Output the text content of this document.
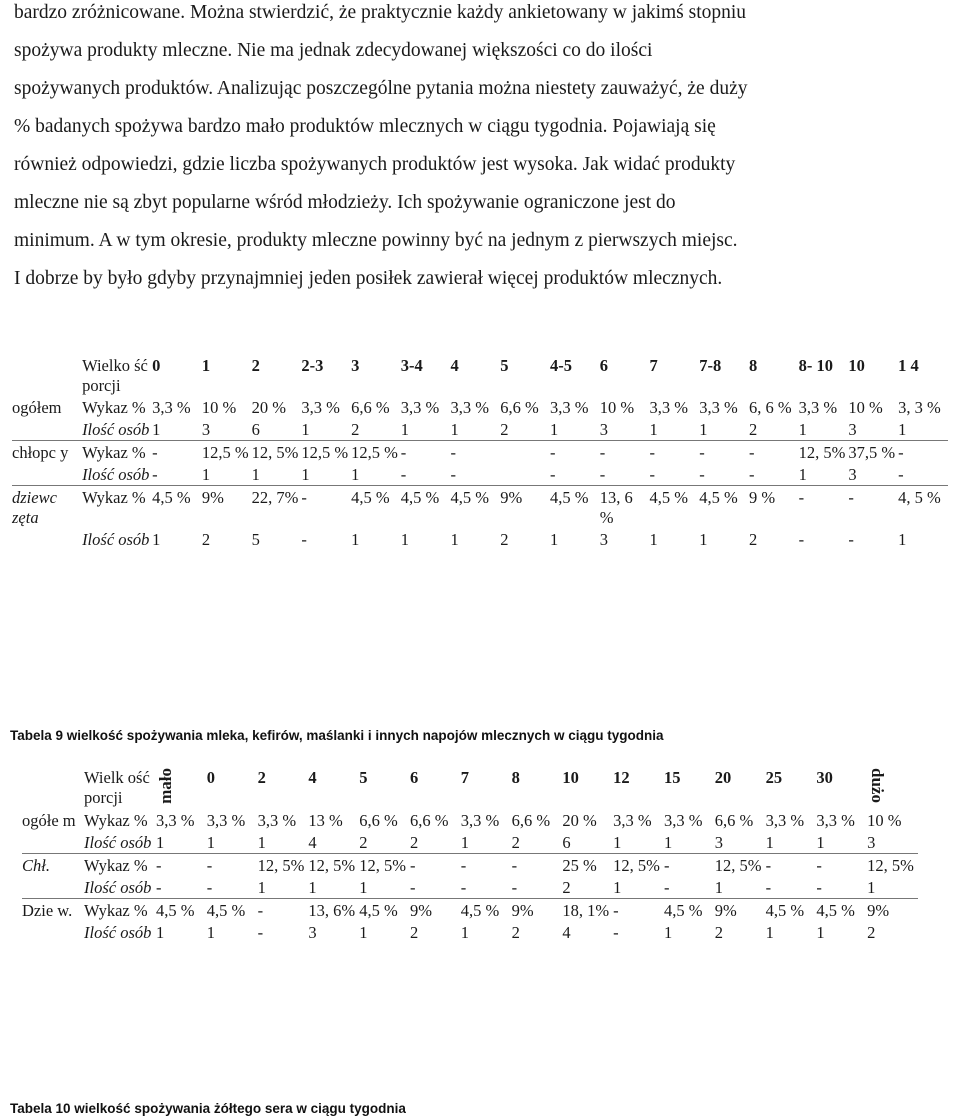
bardzo zróżnicowane. Można stwierdzić, że praktycznie każdy ankietowany w jakimś stopniu
spożywa produkty mleczne. Nie ma jednak zdecydowanej większości co do ilości
spożywanych produktów. Analizując poszczególne pytania można niestety zauważyć, że duży
% badanych spożywa bardzo mało produktów mlecznych w ciągu tygodnia. Pojawiają się
również odpowiedzi, gdzie liczba spożywanych produktów jest wysoka. Jak widać produkty
mleczne nie są zbyt popularne wśród młodzieży. Ich spożywanie ograniczone jest do
minimum. A w tym okresie, produkty mleczne powinny być na jednym z pierwszych miejsc.
I dobrze by było gdyby przynajmniej jeden posiłek zawierał więcej produktów mlecznych.
	Wielko ść porcji	0	1	2	2-3	3	3-4	4	5	4-5	6	7	7-8	8	8- 10	10	1 4
ogółem	Wykaz %	3,3 %	10 %	20 %	3,3 %	6,6 %	3,3 %	3,3 %	6,6 %	3,3 %	10 %	3,3 %	3,3 %	6, 6 %	3,3 %	10 %	3, 3 %
	Ilość osób	1	3	6	1	2	1	1	2	1	3	1	1	2	1	3	1
chłopc y	Wykaz %	-	12,5 %	12, 5%	12,5 %	12,5 %	-	-		-	-	-	-	-	12, 5%	37,5 %	-
	Ilość osób	-	1	1	1	1	-	-		-	-	-	-	-	1	3	-
dziewc zęta	Wykaz %	4,5 %	9%	22, 7%	-	4,5 %	4,5 %	4,5 %	9%	4,5 %	13, 6 %	4,5 %	4,5 %	9 %	-	-	4, 5 %
	Ilość osób	1	2	5	-	1	1	1	2	1	3	1	1	2	-	-	1
Tabela 9 wielkość spożywania mleka, kefirów, maślanki i innych napojów mlecznych w ciągu tygodnia
	Wielk ość porcji	mało	0	2	4	5	6	7	8	10	12	15	20	25	30	dużo
ogółe m	Wykaz %	3,3 %	3,3 %	3,3 %	13 %	6,6 %	6,6 %	3,3 %	6,6 %	20 %	3,3 %	3,3 %	6,6 %	3,3 %	3,3 %	10 %
	Ilość osób	1	1	1	4	2	2	1	2	6	1	1	3	1	1	3
Chł.	Wykaz %	-	-	12, 5%	12, 5%	12, 5%	-	-	-	25 %	12, 5%	-	12, 5%	-	-	12, 5%
	Ilość osób	-	-	1	1	1	-	-	-	2	1	-	1	-	-	1
Dzie w.	Wykaz %	4,5 %	4,5 %	-	13, 6%	4,5 %	9%	4,5 %	9%	18, 1%	-	4,5 %	9%	4,5 %	4,5 %	9%
	Ilość osób	1	1	-	3	1	2	1	2	4	-	1	2	1	1	2
Tabela 10 wielkość spożywania żółtego sera w ciągu tygodnia
